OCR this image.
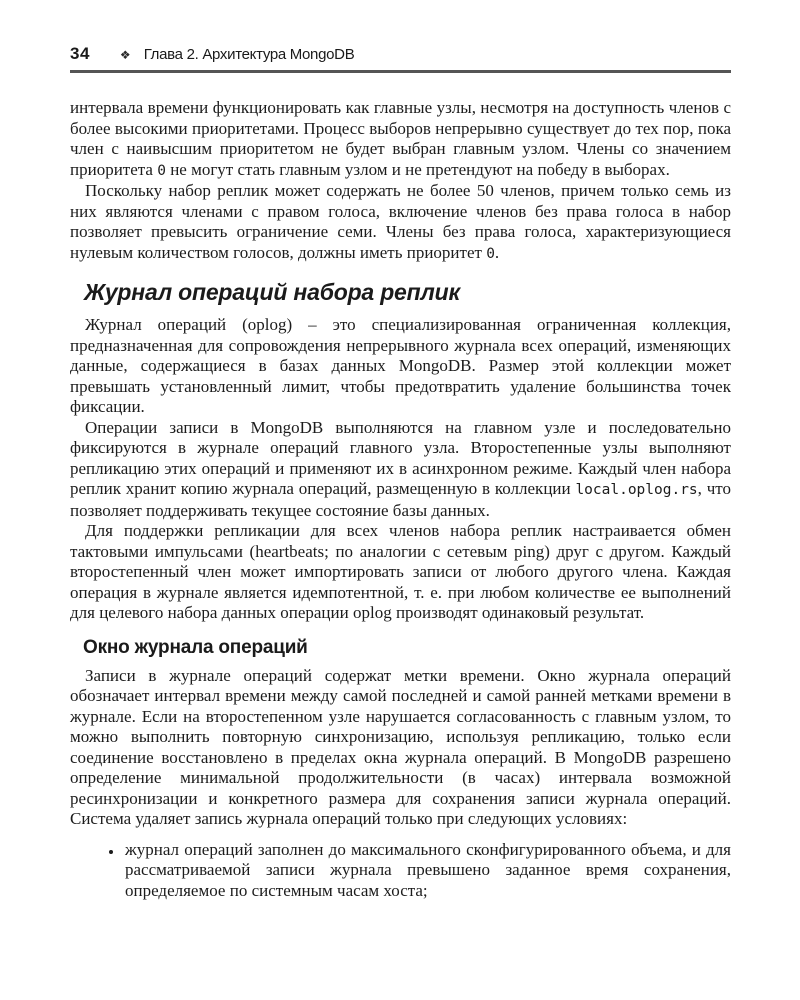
34	❖ Глава 2. Архитектура MongoDB

интервала времени функционировать как главные узлы, несмотря на доступность членов с более высокими приоритетами. Процесс выборов непрерывно существует до тех пор, пока член с наивысшим приоритетом не будет выбран главным узлом. Члены со значением приоритета 0 не могут стать главным узлом и не претендуют на победу в выборах.

Поскольку набор реплик может содержать не более 50 членов, причем только семь из них являются членами с правом голоса, включение членов без права голоса в набор позволяет превысить ограничение семи. Члены без права голоса, характеризующиеся нулевым количеством голосов, должны иметь приоритет 0.

Журнал операций набора реплик

Журнал операций (oplog) – это специализированная ограниченная коллекция, предназначенная для сопровождения непрерывного журнала всех операций, изменяющих данные, содержащиеся в базах данных MongoDB. Размер этой коллекции может превышать установленный лимит, чтобы предотвратить удаление большинства точек фиксации.

Операции записи в MongoDB выполняются на главном узле и последовательно фиксируются в журнале операций главного узла. Второстепенные узлы выполняют репликацию этих операций и применяют их в асинхронном режиме. Каждый член набора реплик хранит копию журнала операций, размещенную в коллекции local.oplog.rs, что позволяет поддерживать текущее состояние базы данных.

Для поддержки репликации для всех членов набора реплик настраивается обмен тактовыми импульсами (heartbeats; по аналогии с сетевым ping) друг с другом. Каждый второстепенный член может импортировать записи от любого другого члена. Каждая операция в журнале является идемпотентной, т. е. при любом количестве ее выполнений для целевого набора данных операции oplog производят одинаковый результат.

Окно журнала операций

Записи в журнале операций содержат метки времени. Окно журнала операций обозначает интервал времени между самой последней и самой ранней метками времени в журнале. Если на второстепенном узле нарушается согласованность с главным узлом, то можно выполнить повторную синхронизацию, используя репликацию, только если соединение восстановлено в пределах окна журнала операций. В MongoDB разрешено определение минимальной продолжительности (в часах) интервала возможной ресинхронизации и конкретного размера для сохранения записи журнала операций. Система удаляет запись журнала операций только при следующих условиях:

• журнал операций заполнен до максимального сконфигурированного объема, и для рассматриваемой записи журнала превышено заданное время сохранения, определяемое по системным часам хоста;
